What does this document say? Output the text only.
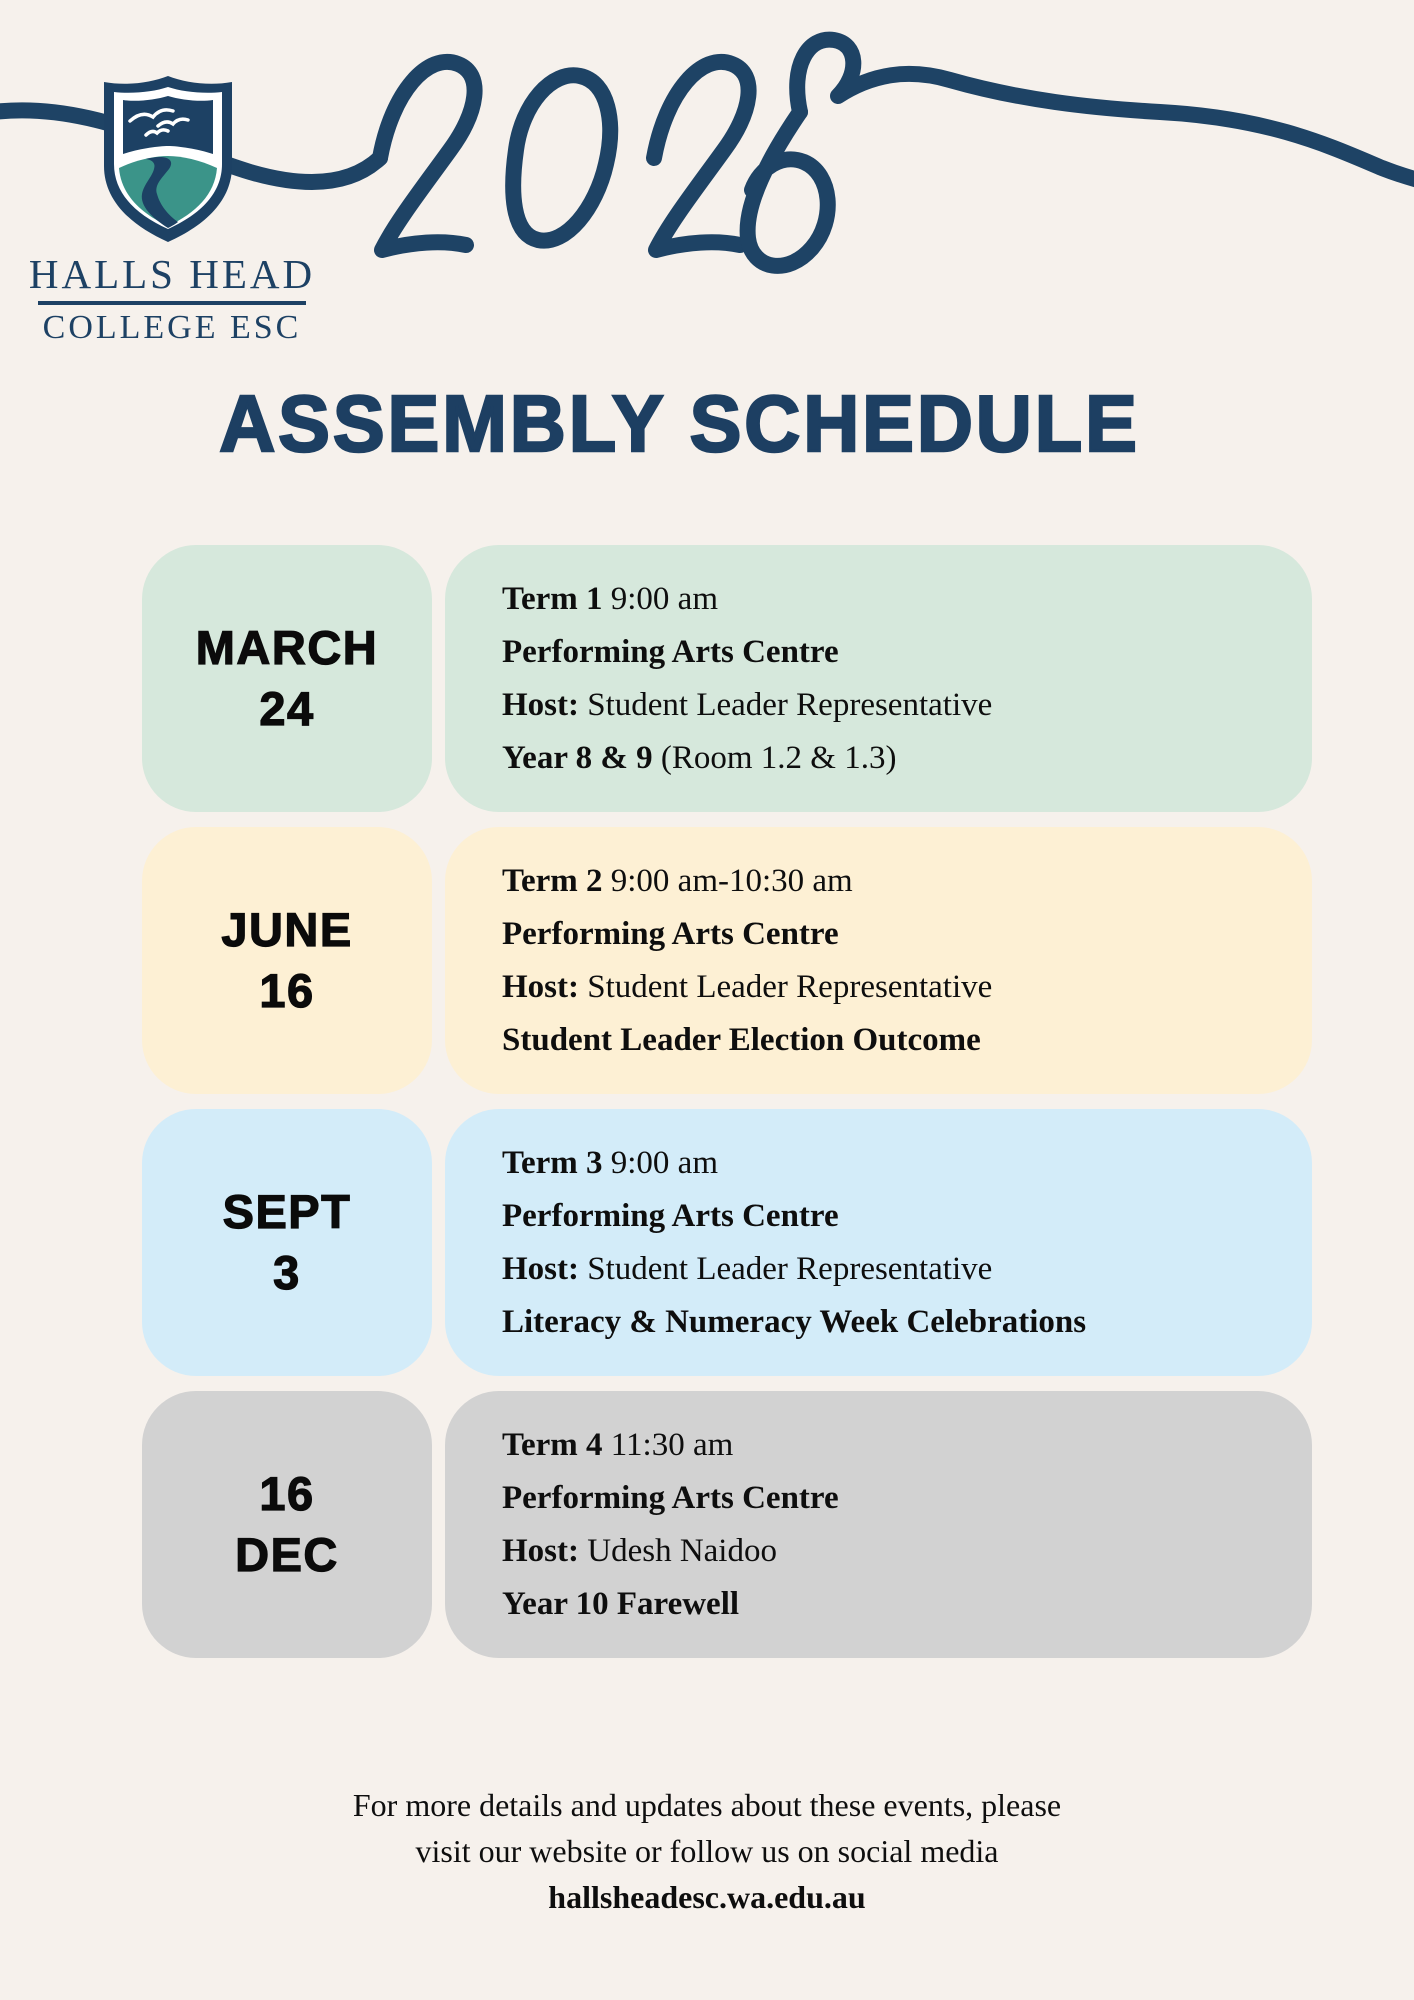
HALLS HEAD
COLLEGE ESC
ASSEMBLY SCHEDULE
MARCH
24
Term 1 9:00 am
Performing Arts Centre
Host: Student Leader Representative
Year 8 & 9 (Room 1.2 & 1.3)
JUNE
16
Term 2 9:00 am-10:30 am
Performing Arts Centre
Host: Student Leader Representative
Student Leader Election Outcome
SEPT
3
Term 3 9:00 am
Performing Arts Centre
Host: Student Leader Representative
Literacy & Numeracy Week Celebrations
16
DEC
Term 4 11:30 am
Performing Arts Centre
Host: Udesh Naidoo
Year 10 Farewell
For more details and updates about these events, please
visit our website or follow us on social media
hallsheadesc.wa.edu.au
